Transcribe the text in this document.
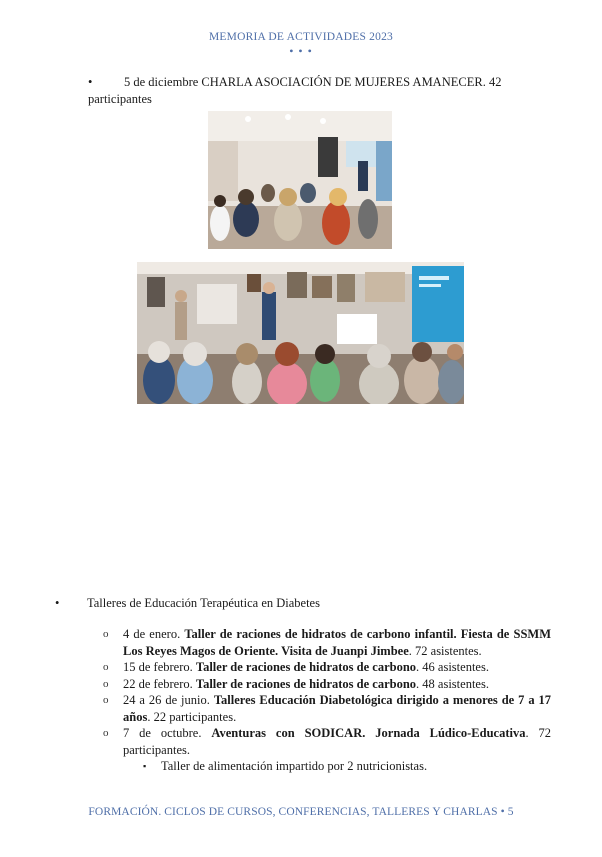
MEMORIA DE ACTIVIDADES 2023
• • •
•	5 de diciembre CHARLA ASOCIACIÓN DE MUJERES AMANECER. 42 participantes
• Talleres de Educación Terapéutica en Diabetes
o 4 de enero. Taller de raciones de hidratos de carbono infantil. Fiesta de SSMM Los Reyes Magos de Oriente. Visita de Juanpi Jimbee. 72 asistentes.
o 15 de febrero. Taller de raciones de hidratos de carbono. 46 asistentes.
o 22 de febrero. Taller de raciones de hidratos de carbono. 48 asistentes.
o 24 a 26 de junio. Talleres Educación Diabetológica dirigido a menores de 7 a 17 años. 22 participantes.
o 7 de octubre. Aventuras con SODICAR. Jornada Lúdico-Educativa. 72 participantes.
▪ Taller de alimentación impartido por 2 nutricionistas.
FORMACIÓN. CICLOS DE CURSOS, CONFERENCIAS, TALLERES Y CHARLAS • 5
